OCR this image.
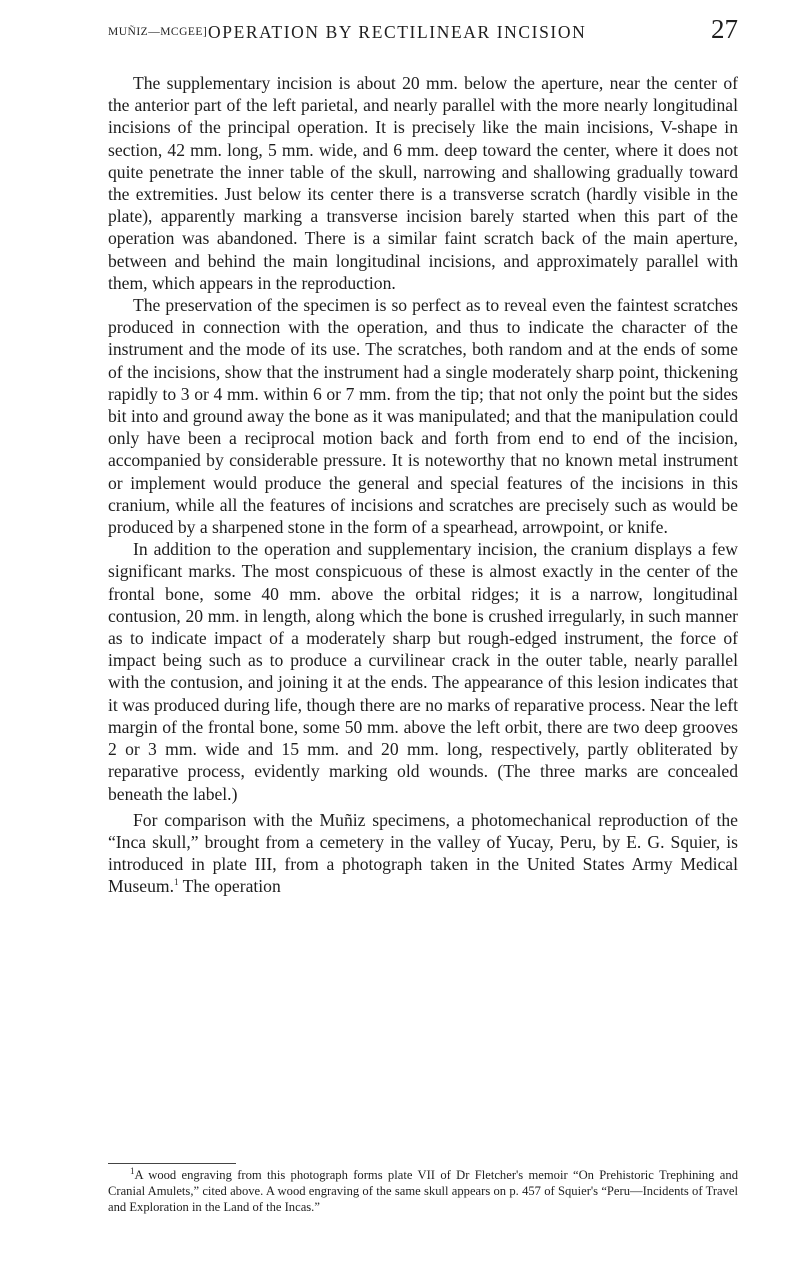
MUÑIZ—MCGEE] OPERATION BY RECTILINEAR INCISION	27

The supplementary incision is about 20 mm. below the aperture, near the center of the anterior part of the left parietal, and nearly parallel with the more nearly longitudinal incisions of the principal operation. It is precisely like the main incisions, V-shape in section, 42 mm. long, 5 mm. wide, and 6 mm. deep toward the center, where it does not quite penetrate the inner table of the skull, narrowing and shallowing gradually toward the extremities. Just below its center there is a transverse scratch (hardly visible in the plate), apparently marking a transverse incision barely started when this part of the operation was abandoned. There is a similar faint scratch back of the main aperture, between and behind the main longitudinal incisions, and approximately parallel with them, which appears in the reproduction.

The preservation of the specimen is so perfect as to reveal even the faintest scratches produced in connection with the operation, and thus to indicate the character of the instrument and the mode of its use. The scratches, both random and at the ends of some of the incisions, show that the instrument had a single moderately sharp point, thickening rapidly to 3 or 4 mm. within 6 or 7 mm. from the tip; that not only the point but the sides bit into and ground away the bone as it was manipulated; and that the manipulation could only have been a reciprocal motion back and forth from end to end of the incision, accompanied by considerable pressure. It is noteworthy that no known metal instrument or implement would produce the general and special features of the incisions in this cranium, while all the features of incisions and scratches are precisely such as would be produced by a sharpened stone in the form of a spearhead, arrowpoint, or knife.

In addition to the operation and supplementary incision, the cranium displays a few significant marks. The most conspicuous of these is almost exactly in the center of the frontal bone, some 40 mm. above the orbital ridges; it is a narrow, longitudinal contusion, 20 mm. in length, along which the bone is crushed irregularly, in such manner as to indicate impact of a moderately sharp but rough-edged instrument, the force of impact being such as to produce a curvilinear crack in the outer table, nearly parallel with the contusion, and joining it at the ends. The appearance of this lesion indicates that it was produced during life, though there are no marks of reparative process. Near the left margin of the frontal bone, some 50 mm. above the left orbit, there are two deep grooves 2 or 3 mm. wide and 15 mm. and 20 mm. long, respectively, partly obliterated by reparative process, evidently marking old wounds. (The three marks are concealed beneath the label.)

For comparison with the Muñiz specimens, a photomechanical reproduction of the “Inca skull,” brought from a cemetery in the valley of Yucay, Peru, by E. G. Squier, is introduced in plate III, from a photograph taken in the United States Army Medical Museum.$^1$ The operation

$^1$A wood engraving from this photograph forms plate VII of Dr Fletcher's memoir “On Prehistoric Trephining and Cranial Amulets,” cited above. A wood engraving of the same skull appears on p. 457 of Squier's “Peru—Incidents of Travel and Exploration in the Land of the Incas.”
